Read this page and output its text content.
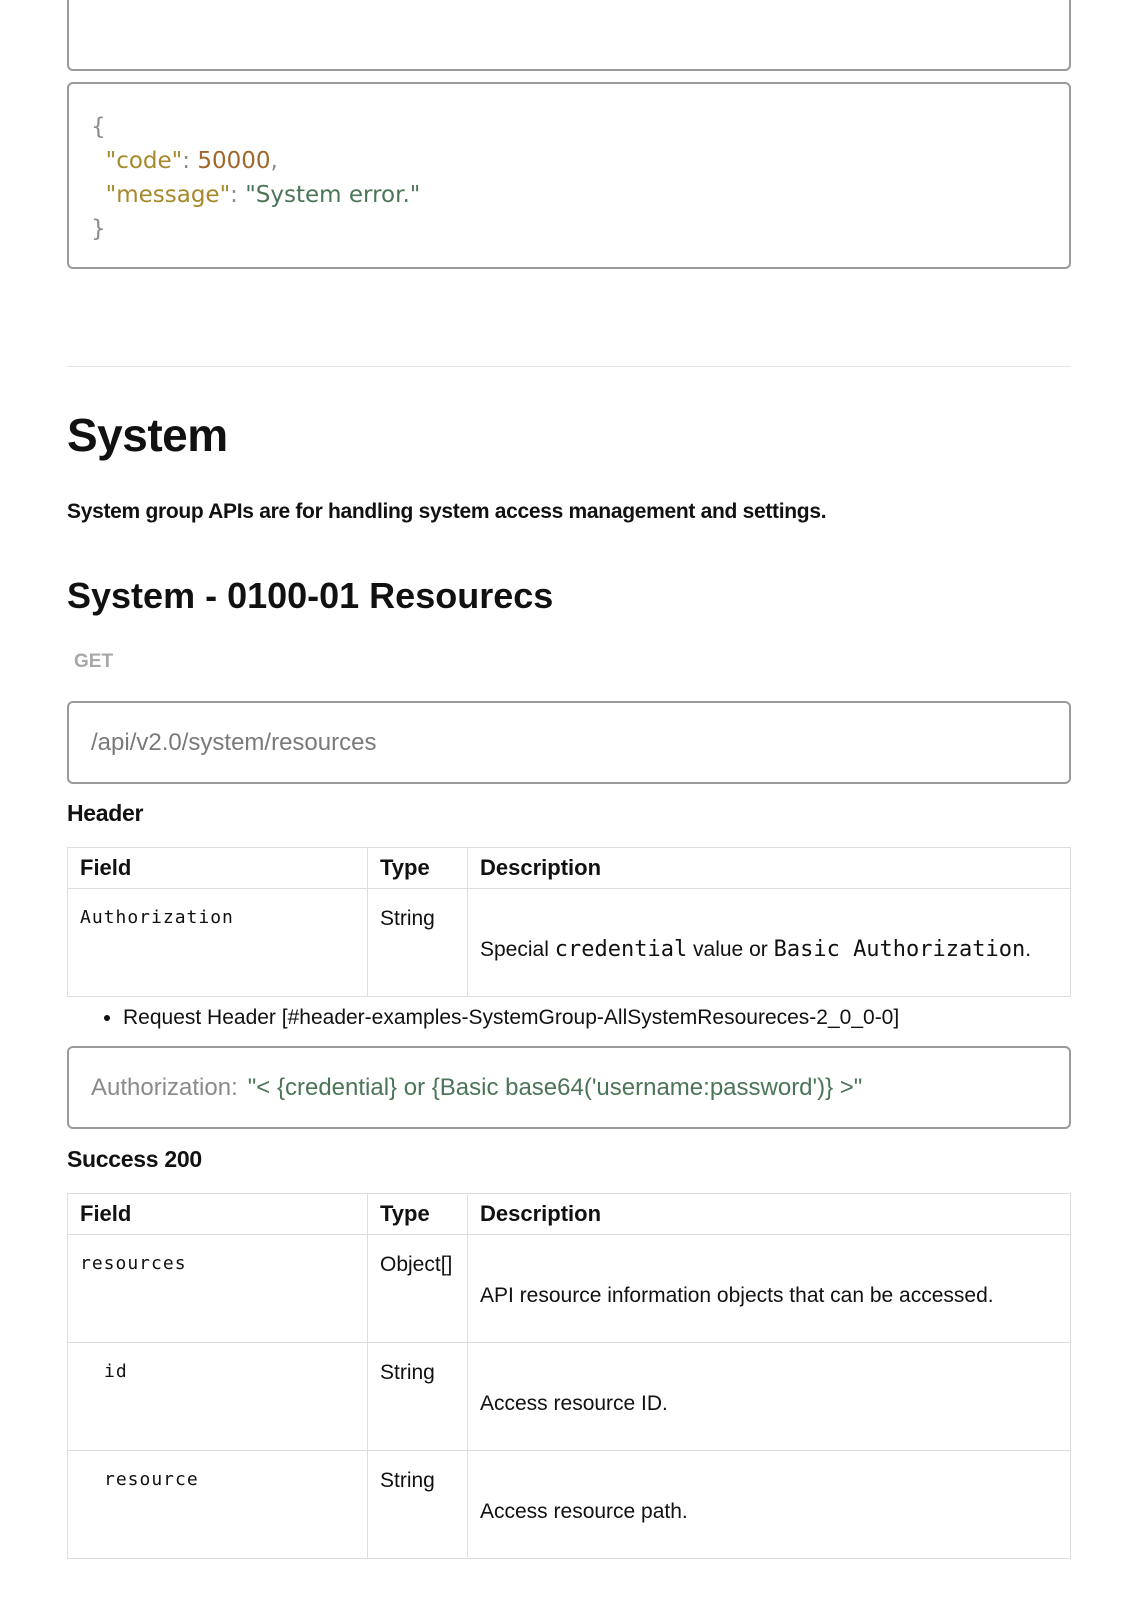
{
"code": 50000,
"message": "System error."
}
System

System group APIs are for handling system access management and settings.

System - 0100-01 Resourecs
GET
/api/v2.0/system/resources
Header
Field	Type	Description
Authorization	String	Special credential value or Basic Authorization.
• Request Header [#header-examples-SystemGroup-AllSystemResoureces-2_0_0-0]
Authorization: "< {credential} or {Basic base64('username:password')} >"
Success 200
Field	Type	Description
resources	Object[]	API resource information objects that can be accessed.
id	String	Access resource ID.
resource	String	Access resource path.
